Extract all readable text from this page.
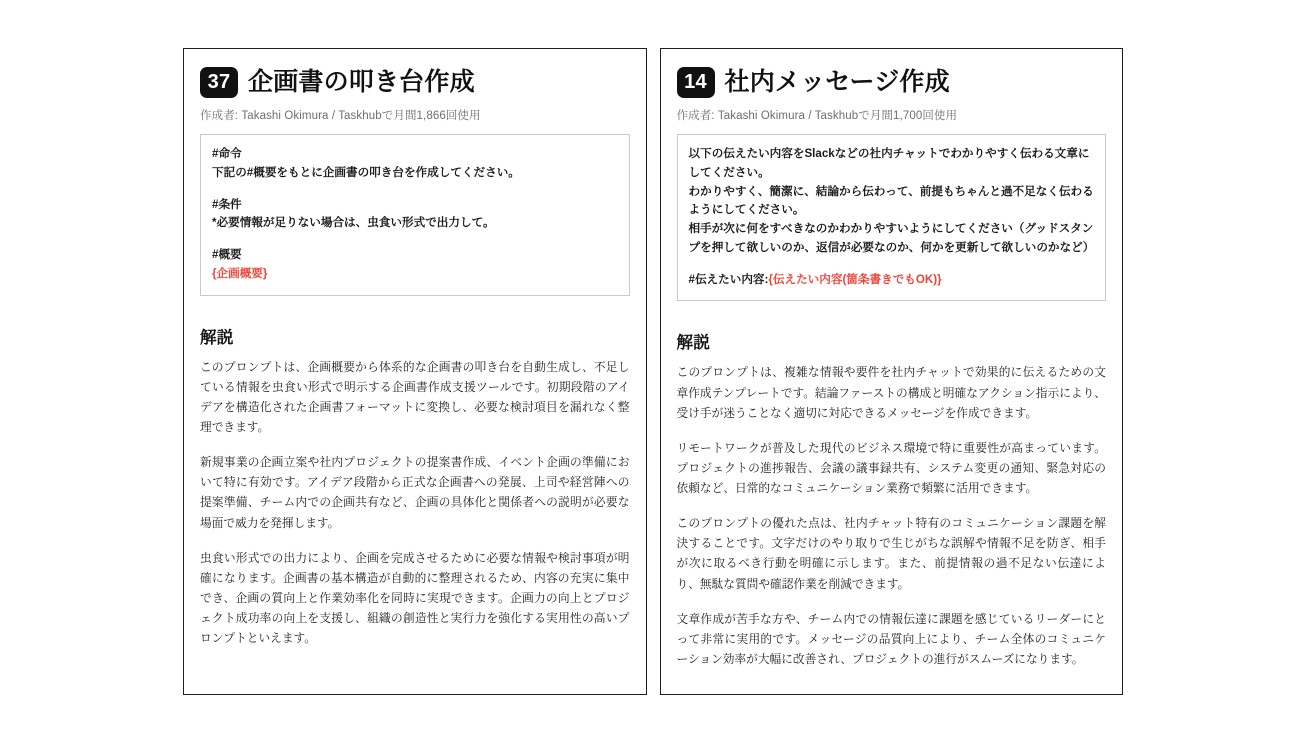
37 企画書の叩き台作成
作成者: Takashi Okimura / Taskhubで月間1,866回使用
#命令
下記の#概要をもとに企画書の叩き台を作成してください。
#条件
*必要情報が足りない場合は、虫食い形式で出力して。
#概要
{企画概要}
解説

このプロンプトは、企画概要から体系的な企画書の叩き台を自動生成し、不足している情報を虫食い形式で明示する企画書作成支援ツールです。初期段階のアイデアを構造化された企画書フォーマットに変換し、必要な検討項目を漏れなく整理できます。

新規事業の企画立案や社内プロジェクトの提案書作成、イベント企画の準備において特に有効です。アイデア段階から正式な企画書への発展、上司や経営陣への提案準備、チーム内での企画共有など、企画の具体化と関係者への説明が必要な場面で威力を発揮します。

虫食い形式での出力により、企画を完成させるために必要な情報や検討事項が明確になります。企画書の基本構造が自動的に整理されるため、内容の充実に集中でき、企画の質向上と作業効率化を同時に実現できます。企画力の向上とプロジェクト成功率の向上を支援し、組織の創造性と実行力を強化する実用性の高いプロンプトといえます。

14 社内メッセージ作成
作成者: Takashi Okimura / Taskhubで月間1,700回使用
以下の伝えたい内容をSlackなどの社内チャットでわかりやすく伝わる文章にしてください。
わかりやすく、簡潔に、結論から伝わって、前提もちゃんと過不足なく伝わるようにしてください。
相手が次に何をすべきなのかわかりやすいようにしてください（グッドスタンプを押して欲しいのか、返信が必要なのか、何かを更新して欲しいのかなど）
#伝えたい内容:{伝えたい内容(箇条書きでもOK)}
解説

このプロンプトは、複雑な情報や要件を社内チャットで効果的に伝えるための文章作成テンプレートです。結論ファーストの構成と明確なアクション指示により、受け手が迷うことなく適切に対応できるメッセージを作成できます。

リモートワークが普及した現代のビジネス環境で特に重要性が高まっています。プロジェクトの進捗報告、会議の議事録共有、システム変更の通知、緊急対応の依頼など、日常的なコミュニケーション業務で頻繁に活用できます。

このプロンプトの優れた点は、社内チャット特有のコミュニケーション課題を解決することです。文字だけのやり取りで生じがちな誤解や情報不足を防ぎ、相手が次に取るべき行動を明確に示します。また、前提情報の過不足ない伝達により、無駄な質問や確認作業を削減できます。

文章作成が苦手な方や、チーム内での情報伝達に課題を感じているリーダーにとって非常に実用的です。メッセージの品質向上により、チーム全体のコミュニケーション効率が大幅に改善され、プロジェクトの進行がスムーズになります。
